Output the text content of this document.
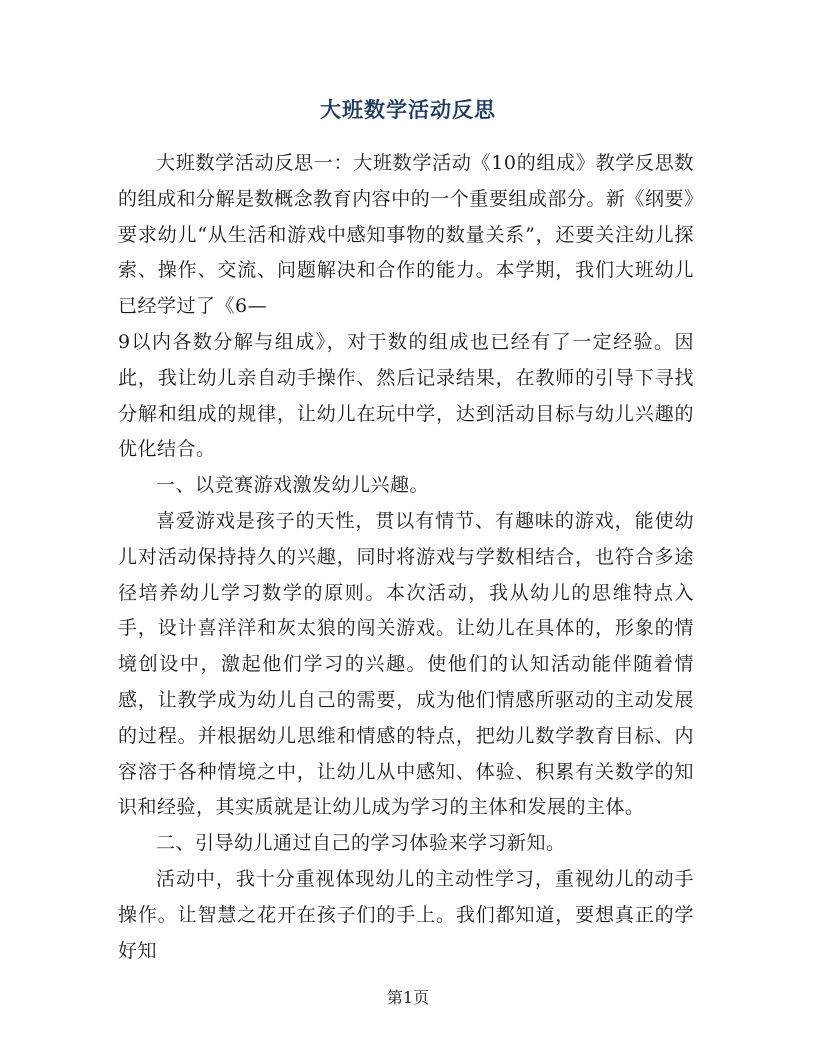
大班数学活动反思

大班数学活动反思一：大班数学活动《10的组成》教学反思数的组成和分解是数概念教育内容中的一个重要组成部分。新《纲要》要求幼儿“从生活和游戏中感知事物的数量关系”，还要关注幼儿探索、操作、交流、问题解决和合作的能力。本学期，我们大班幼儿已经学过了《6—

9以内各数分解与组成》，对于数的组成也已经有了一定经验。因此，我让幼儿亲自动手操作、然后记录结果，在教师的引导下寻找分解和组成的规律，让幼儿在玩中学，达到活动目标与幼儿兴趣的优化结合。

一、以竞赛游戏激发幼儿兴趣。

喜爱游戏是孩子的天性，贯以有情节、有趣味的游戏，能使幼儿对活动保持持久的兴趣，同时将游戏与学数相结合，也符合多途径培养幼儿学习数学的原则。本次活动，我从幼儿的思维特点入手，设计喜洋洋和灰太狼的闯关游戏。让幼儿在具体的，形象的情境创设中，激起他们学习的兴趣。使他们的认知活动能伴随着情感，让教学成为幼儿自己的需要，成为他们情感所驱动的主动发展的过程。并根据幼儿思维和情感的特点，把幼儿数学教育目标、内容溶于各种情境之中，让幼儿从中感知、体验、积累有关数学的知识和经验，其实质就是让幼儿成为学习的主体和发展的主体。

二、引导幼儿通过自己的学习体验来学习新知。

活动中，我十分重视体现幼儿的主动性学习，重视幼儿的动手操作。让智慧之花开在孩子们的手上。我们都知道，要想真正的学好知

第1页
